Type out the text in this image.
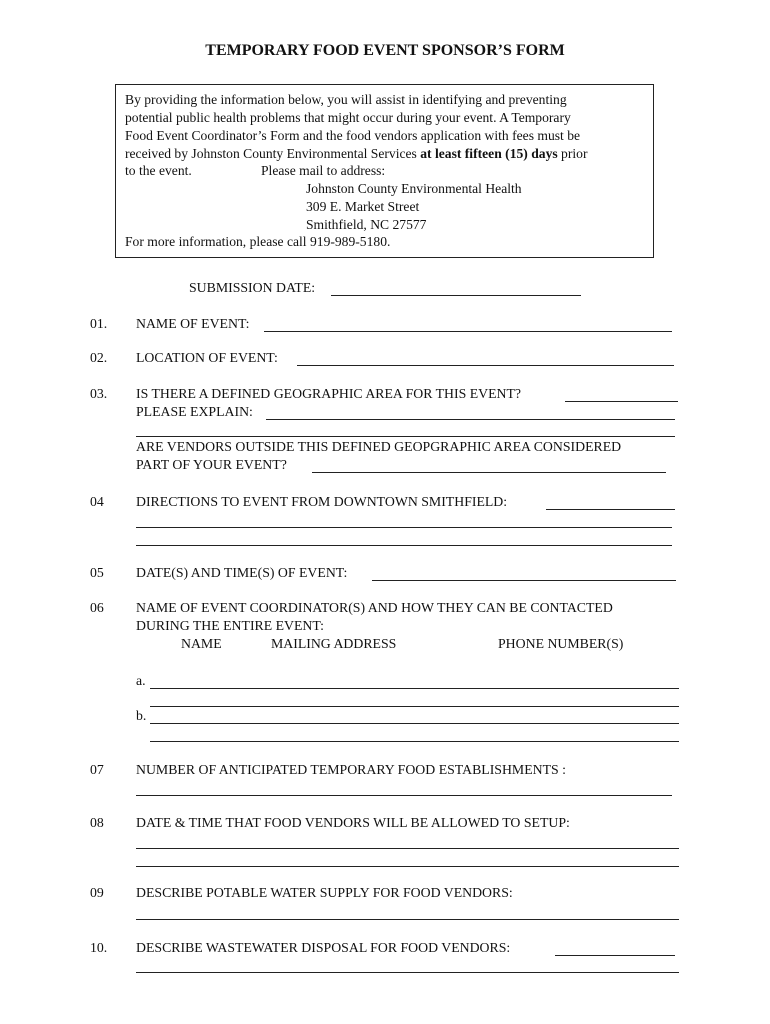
TEMPORARY FOOD EVENT SPONSOR’S FORM
By providing the information below, you will assist in identifying and preventing
potential public health problems that might occur during your event. A Temporary
Food Event Coordinator’s Form and the food vendors application with fees must be
received by Johnston County Environmental Services at least fifteen (15) days prior
to the event.	Please mail to address:
Johnston County Environmental Health
309 E. Market Street
Smithfield, NC 27577
For more information, please call 919-989-5180.
SUBMISSION DATE:
01. NAME OF EVENT:
02. LOCATION OF EVENT:
03. IS THERE A DEFINED GEOGRAPHIC AREA FOR THIS EVENT?
PLEASE EXPLAIN:
ARE VENDORS OUTSIDE THIS DEFINED GEOPGRAPHIC AREA CONSIDERED
PART OF YOUR EVENT?
04 DIRECTIONS TO EVENT FROM DOWNTOWN SMITHFIELD:
05 DATE(S) AND TIME(S) OF EVENT:
06 NAME OF EVENT COORDINATOR(S) AND HOW THEY CAN BE CONTACTED
DURING THE ENTIRE EVENT:
NAME	MAILING ADDRESS	PHONE NUMBER(S)
a.
b.
07 NUMBER OF ANTICIPATED TEMPORARY FOOD ESTABLISHMENTS :
08 DATE & TIME THAT FOOD VENDORS WILL BE ALLOWED TO SETUP:
09 DESCRIBE POTABLE WATER SUPPLY FOR FOOD VENDORS:
10. DESCRIBE WASTEWATER DISPOSAL FOR FOOD VENDORS:
